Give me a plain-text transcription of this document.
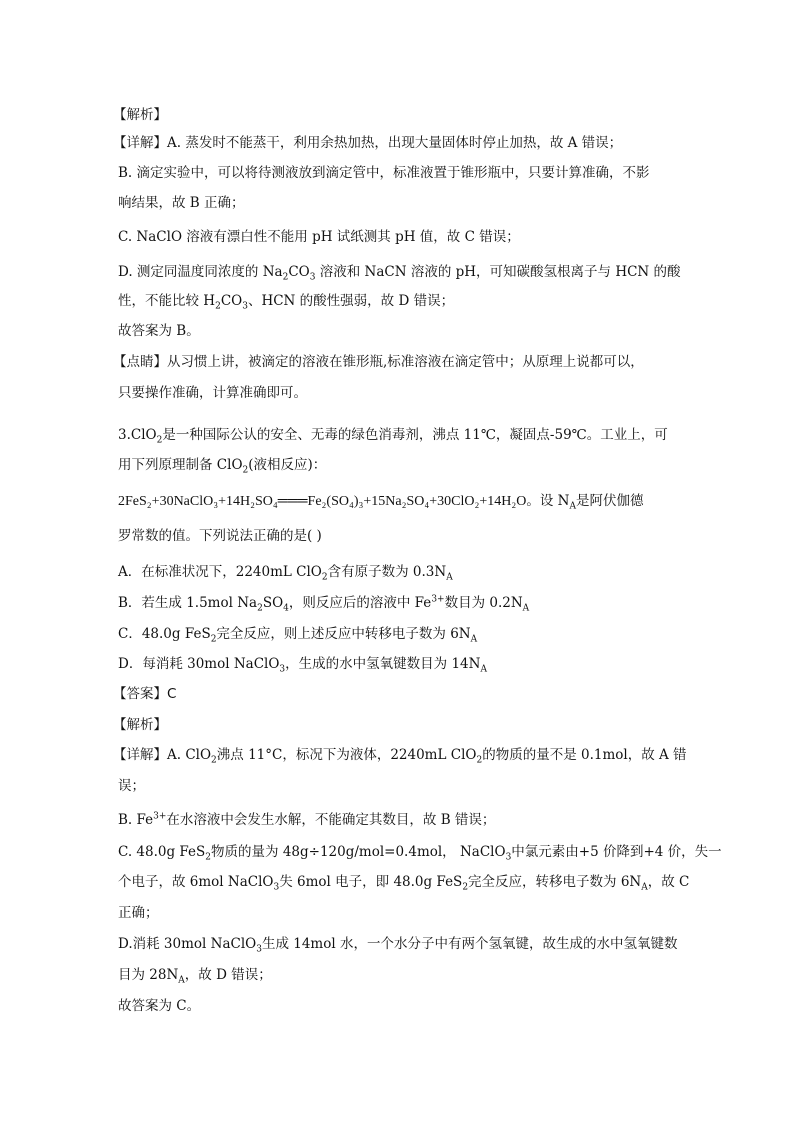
【解析】
【详解】A. 蒸发时不能蒸干，利用余热加热，出现大量固体时停止加热，故 A 错误；
B. 滴定实验中，可以将待测液放到滴定管中，标准液置于锥形瓶中，只要计算准确，不影
响结果，故 B 正确；
C. NaClO 溶液有漂白性不能用 pH 试纸测其 pH 值，故 C 错误；
D. 测定同温度同浓度的 $Na_2CO_3$ 溶液和 NaCN 溶液的 pH，可知碳酸氢根离子与 HCN 的酸
性，不能比较 $H_2CO_3$、HCN 的酸性强弱，故 D 错误；
故答案为 B。
【点睛】从习惯上讲，被滴定的溶液在锥形瓶,标准溶液在滴定管中；从原理上说都可以，
只要操作准确，计算准确即可。
3.ClO$_2$是一种国际公认的安全、无毒的绿色消毒剂，沸点 11℃，凝固点-59℃。工业上，可
用下列原理制备 ClO$_2$(液相反应)：
2FeS₂+30NaClO₃+14H₂SO₄═══Fe₂(SO₄)₃+15Na₂SO₄+30ClO₂+14H₂O。设 $N_A$是阿伏伽德
罗常数的值。下列说法正确的是( )
A．在标准状况下，2240mL ClO$_2$含有原子数为 $0.3N_A$
B．若生成 1.5mol $Na_2SO_4$，则反应后的溶液中 $Fe^{3+}$数目为 $0.2N_A$
C．48.0g FeS$_2$完全反应，则上述反应中转移电子数为 $6N_A$
D．每消耗 30mol NaClO$_3$，生成的水中氢氧键数目为 $14N_A$
【答案】C
【解析】
【详解】A. ClO$_2$沸点 11°C，标况下为液体，2240mL ClO$_2$的物质的量不是 0.1mol，故 A 错
误；
B. $Fe^{3+}$在水溶液中会发生水解，不能确定其数目，故 B 错误；
C. 48.0g FeS$_2$物质的量为 48g÷120g/mol=0.4mol， NaClO$_3$中氯元素由+5 价降到+4 价，失一
个电子，故 6mol NaClO$_3$失 6mol 电子，即 48.0g FeS$_2$完全反应，转移电子数为 $6N_A$，故 C
正确；
D.消耗 30mol NaClO$_3$生成 14mol 水，一个水分子中有两个氢氧键，故生成的水中氢氧键数
目为 $28N_A$，故 D 错误；
故答案为 C。
